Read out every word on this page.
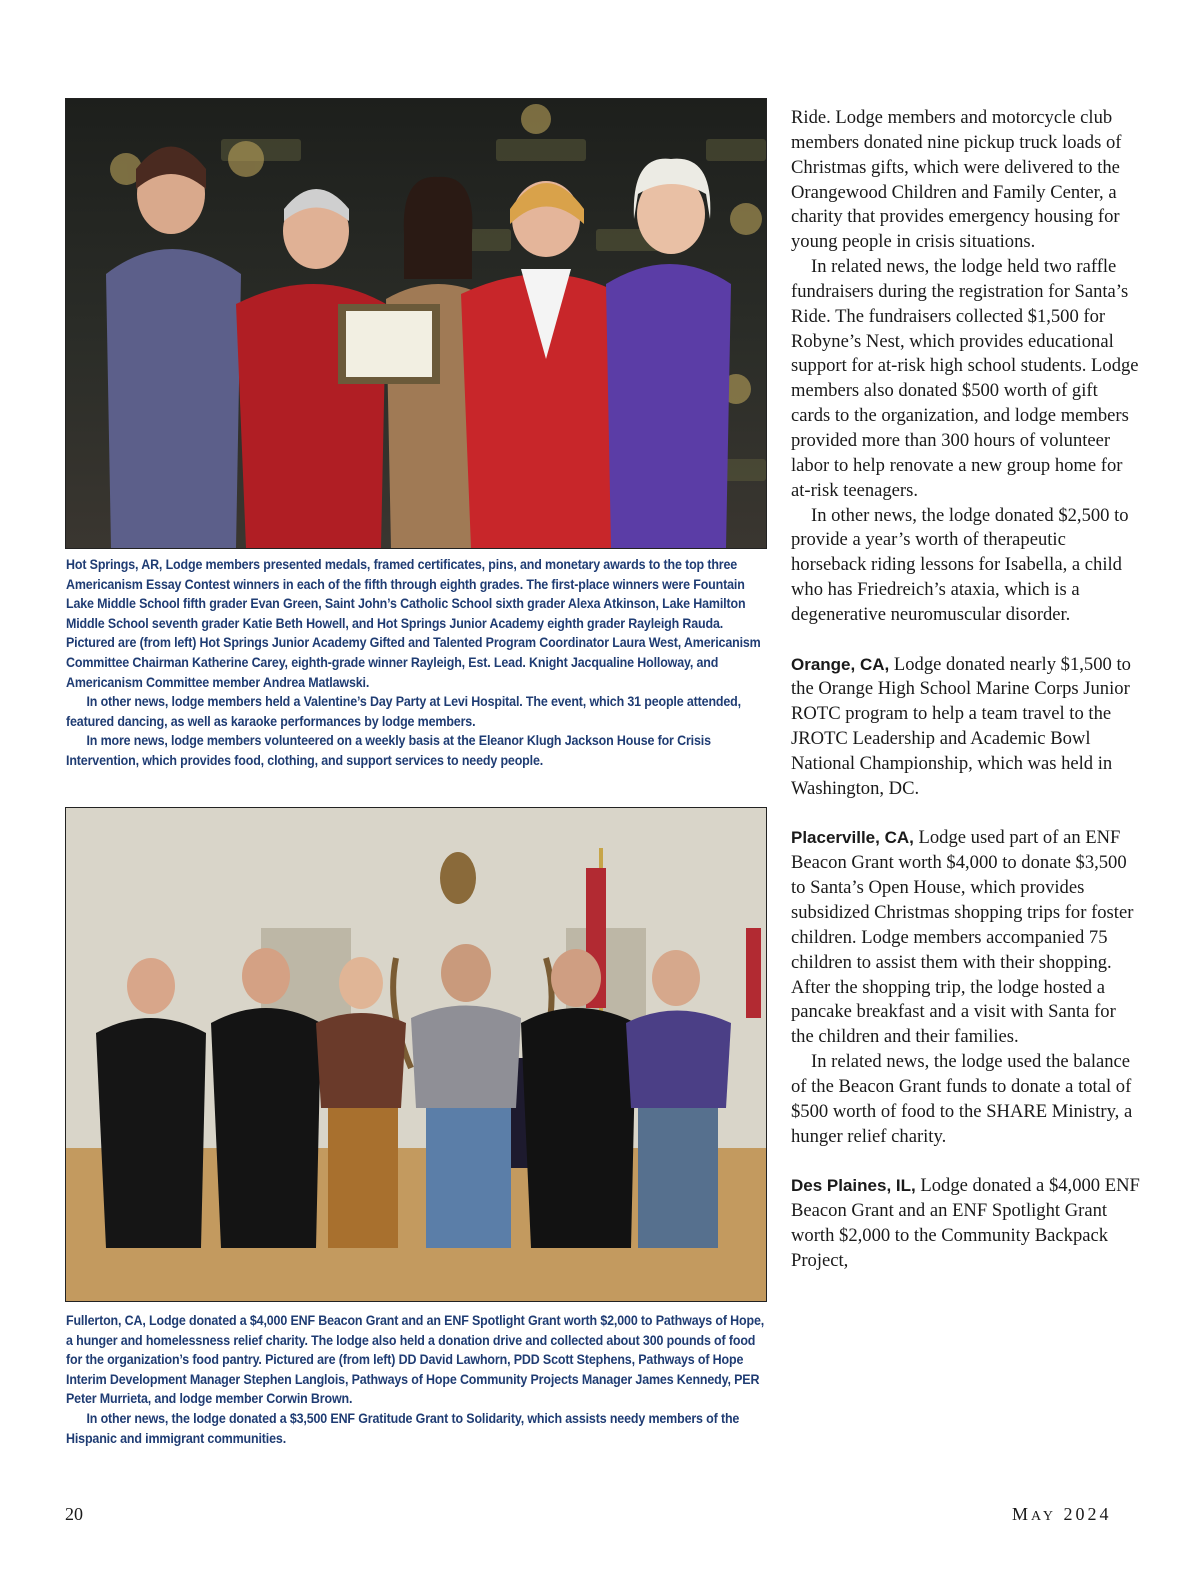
Hot Springs, AR, Lodge members presented medals, framed certificates, pins, and monetary awards to the top three Americanism Essay Contest winners in each of the fifth through eighth grades. The first-place winners were Fountain Lake Middle School fifth grader Evan Green, Saint John’s Catholic School sixth grader Alexa Atkinson, Lake Hamilton Middle School seventh grader Katie Beth Howell, and Hot Springs Junior Academy eighth grader Rayleigh Rauda. Pictured are (from left) Hot Springs Junior Academy Gifted and Talented Program Coordinator Laura West, Americanism Committee Chairman Katherine Carey, eighth-grade winner Rayleigh, Est. Lead. Knight Jacqualine Holloway, and Americanism Committee member Andrea Matlawski.

In other news, lodge members held a Valentine’s Day Party at Levi Hospital. The event, which 31 people attended, featured dancing, as well as karaoke performances by lodge members.

In more news, lodge members volunteered on a weekly basis at the Eleanor Klugh Jackson House for Crisis Intervention, which provides food, clothing, and support services to needy people.

Fullerton, CA, Lodge donated a $4,000 ENF Beacon Grant and an ENF Spotlight Grant worth $2,000 to Pathways of Hope, a hunger and homelessness relief charity. The lodge also held a donation drive and collected about 300 pounds of food for the organization’s food pantry. Pictured are (from left) DD David Lawhorn, PDD Scott Stephens, Pathways of Hope Interim Development Manager Stephen Langlois, Pathways of Hope Community Projects Manager James Kennedy, PER Peter Murrieta, and lodge member Corwin Brown.

In other news, the lodge donated a $3,500 ENF Gratitude Grant to Solidarity, which assists needy members of the Hispanic and immigrant communities.

Ride. Lodge members and motorcycle club members donated nine pickup truck loads of Christmas gifts, which were delivered to the Orangewood Children and Family Center, a charity that provides emergency housing for young people in crisis situations.

In related news, the lodge held two raffle fundraisers during the registration for Santa’s Ride. The fundraisers collected $1,500 for Robyne’s Nest, which provides educational support for at-risk high school students. Lodge members also donated $500 worth of gift cards to the organization, and lodge members provided more than 300 hours of volunteer labor to help renovate a new group home for at-risk teenagers.

In other news, the lodge donated $2,500 to provide a year’s worth of therapeutic horseback riding lessons for Isabella, a child who has Friedreich’s ataxia, which is a degenerative neuromuscular disorder.

Orange, CA, Lodge donated nearly $1,500 to the Orange High School Marine Corps Junior ROTC program to help a team travel to the JROTC Leadership and Academic Bowl National Championship, which was held in Washington, DC.

Placerville, CA, Lodge used part of an ENF Beacon Grant worth $4,000 to donate $3,500 to Santa’s Open House, which provides subsidized Christmas shopping trips for foster children. Lodge members accompanied 75 children to assist them with their shopping. After the shopping trip, the lodge hosted a pancake breakfast and a visit with Santa for the children and their families.

In related news, the lodge used the balance of the Beacon Grant funds to donate a total of $500 worth of food to the SHARE Ministry, a hunger relief charity.

Des Plaines, IL, Lodge donated a $4,000 ENF Beacon Grant and an ENF Spotlight Grant worth $2,000 to the Community Backpack Project,

20	MAY 2024
